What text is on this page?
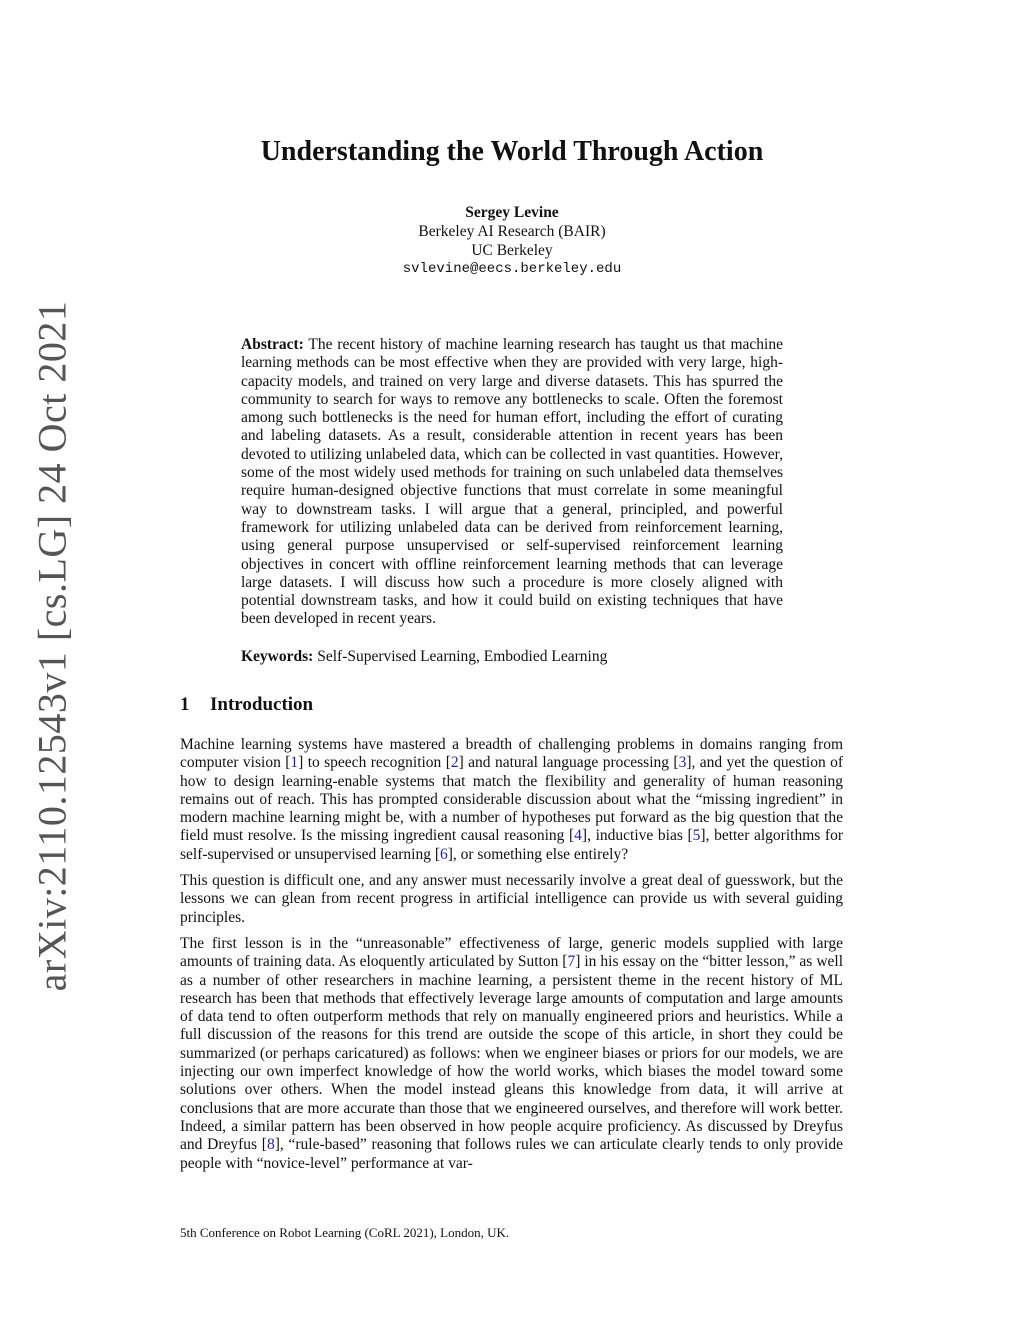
arXiv:2110.12543v1 [cs.LG] 24 Oct 2021
Understanding the World Through Action
Sergey Levine
Berkeley AI Research (BAIR)
UC Berkeley
svlevine@eecs.berkeley.edu

Abstract: The recent history of machine learning research has taught us that machine learning methods can be most effective when they are provided with very large, high-capacity models, and trained on very large and diverse datasets. This has spurred the community to search for ways to remove any bottlenecks to scale. Often the foremost among such bottlenecks is the need for human effort, including the effort of curating and labeling datasets. As a result, considerable attention in recent years has been devoted to utilizing unlabeled data, which can be collected in vast quantities. However, some of the most widely used methods for training on such unlabeled data themselves require human-designed objective functions that must correlate in some meaningful way to downstream tasks. I will argue that a general, principled, and powerful framework for utilizing unlabeled data can be derived from reinforcement learning, using general purpose unsupervised or self-supervised reinforcement learning objectives in concert with offline reinforcement learning methods that can leverage large datasets. I will discuss how such a procedure is more closely aligned with potential downstream tasks, and how it could build on existing techniques that have been developed in recent years.

Keywords: Self-Supervised Learning, Embodied Learning

1 Introduction

Machine learning systems have mastered a breadth of challenging problems in domains ranging from computer vision [1] to speech recognition [2] and natural language processing [3], and yet the question of how to design learning-enable systems that match the flexibility and generality of human reasoning remains out of reach. This has prompted considerable discussion about what the “missing ingredient” in modern machine learning might be, with a number of hypotheses put forward as the big question that the field must resolve. Is the missing ingredient causal reasoning [4], inductive bias [5], better algorithms for self-supervised or unsupervised learning [6], or something else entirely?

This question is difficult one, and any answer must necessarily involve a great deal of guesswork, but the lessons we can glean from recent progress in artificial intelligence can provide us with several guiding principles.

The first lesson is in the “unreasonable” effectiveness of large, generic models supplied with large amounts of training data. As eloquently articulated by Sutton [7] in his essay on the “bitter lesson,” as well as a number of other researchers in machine learning, a persistent theme in the recent history of ML research has been that methods that effectively leverage large amounts of computation and large amounts of data tend to often outperform methods that rely on manually engineered priors and heuristics. While a full discussion of the reasons for this trend are outside the scope of this article, in short they could be summarized (or perhaps caricatured) as follows: when we engineer biases or priors for our models, we are injecting our own imperfect knowledge of how the world works, which biases the model toward some solutions over others. When the model instead gleans this knowledge from data, it will arrive at conclusions that are more accurate than those that we engineered ourselves, and therefore will work better. Indeed, a similar pattern has been observed in how people acquire proficiency. As discussed by Dreyfus and Dreyfus [8], “rule-based” reasoning that follows rules we can articulate clearly tends to only provide people with “novice-level” performance at var-

5th Conference on Robot Learning (CoRL 2021), London, UK.
